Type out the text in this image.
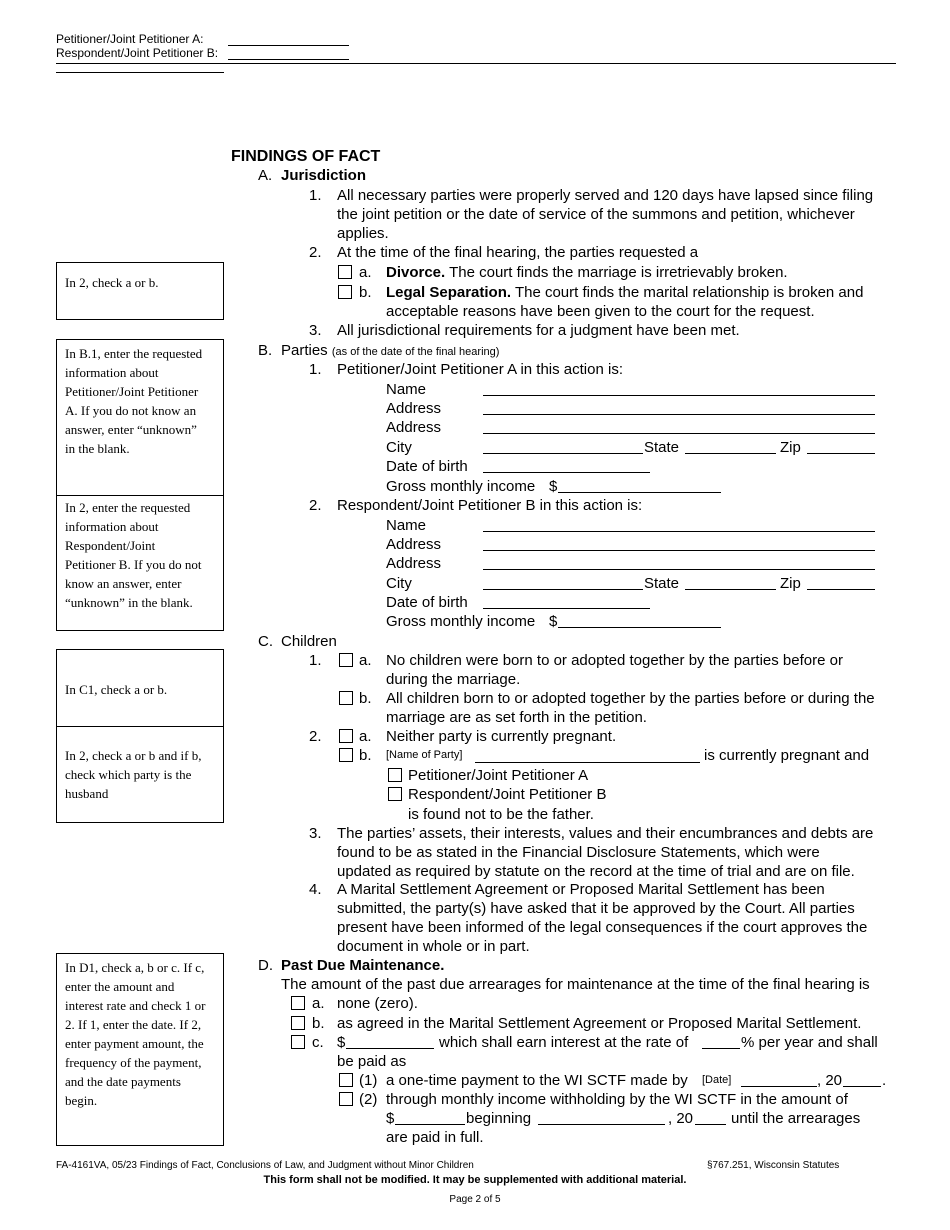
Petitioner/Joint Petitioner A:
Respondent/Joint Petitioner B:
FINDINGS OF FACT
In 2, check a or b.
In B.1, enter the requested information about Petitioner/Joint Petitioner A. If you do not know an answer, enter “unknown” in the blank.
In 2, enter the requested information about Respondent/Joint Petitioner B. If you do not know an answer, enter “unknown” in the blank.
In C1, check a or b.
In 2, check a or b and if b, check which party is the husband
In D1, check a, b or c. If c, enter the amount and interest rate and check 1 or 2. If 1, enter the date. If 2, enter payment amount, the frequency of the payment, and the date payments begin.
A. Jurisdiction
1. All necessary parties were properly served and 120 days have lapsed since filing
the joint petition or the date of service of the summons and petition, whichever
applies.
2. At the time of the final hearing, the parties requested a
a. Divorce. The court finds the marriage is irretrievably broken.
b. Legal Separation. The court finds the marital relationship is broken and
acceptable reasons have been given to the court for the request.
3. All jurisdictional requirements for a judgment have been met.
B. Parties (as of the date of the final hearing)
1. Petitioner/Joint Petitioner A in this action is:
Name
Address
Address
City	State	Zip
Date of birth
Gross monthly income $
2. Respondent/Joint Petitioner B in this action is:
Name
Address
Address
City	State	Zip
Date of birth
Gross monthly income $
C. Children
1. a. No children were born to or adopted together by the parties before or
during the marriage.
b. All children born to or adopted together by the parties before or during the
marriage are as set forth in the petition.
2. a. Neither party is currently pregnant.
b. [Name of Party]	is currently pregnant and
Petitioner/Joint Petitioner A
Respondent/Joint Petitioner B
is found not to be the father.
3. The parties’ assets, their interests, values and their encumbrances and debts are
found to be as stated in the Financial Disclosure Statements, which were
updated as required by statute on the record at the time of trial and are on file.
4. A Marital Settlement Agreement or Proposed Marital Settlement has been
submitted, the party(s) have asked that it be approved by the Court. All parties
present have been informed of the legal consequences if the court approves the
document in whole or in part.
D. Past Due Maintenance.
The amount of the past due arrearages for maintenance at the time of the final hearing is
a. none (zero).
b. as agreed in the Marital Settlement Agreement or Proposed Marital Settlement.
c. $	which shall earn interest at the rate of	% per year and shall
be paid as
(1) a one-time payment to the WI SCTF made by [Date]	, 20	.
(2) through monthly income withholding by the WI SCTF in the amount of
$	beginning	, 20	until the arrearages
are paid in full.
FA-4161VA, 05/23 Findings of Fact, Conclusions of Law, and Judgment without Minor Children	§767.251, Wisconsin Statutes
This form shall not be modified. It may be supplemented with additional material.
Page 2 of 5
